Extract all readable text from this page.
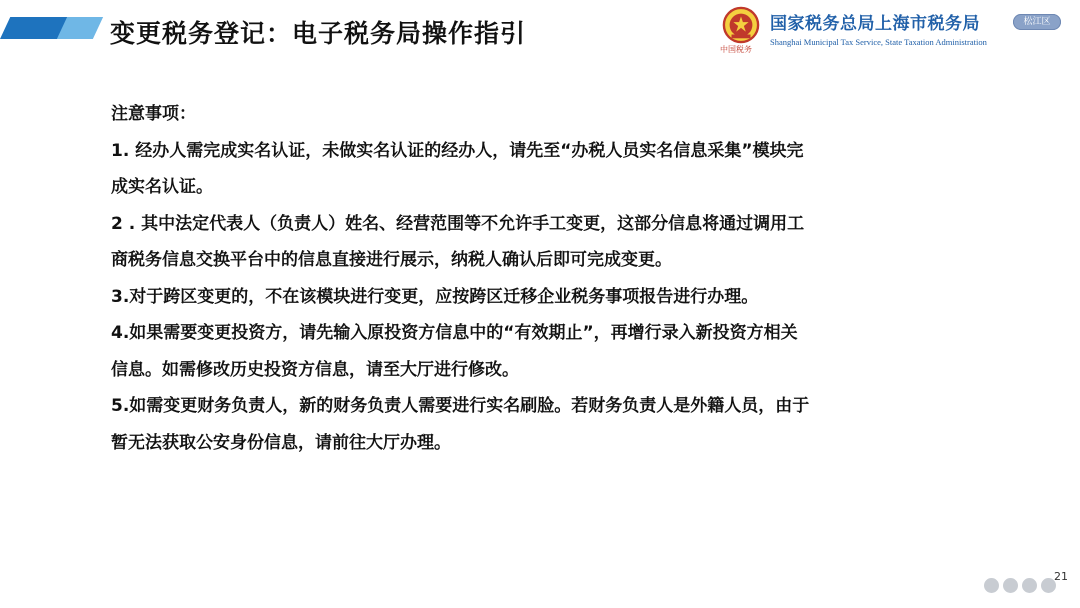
变更税务登记：电子税务局操作指引
中国税务
国家税务总局上海市税务局
Shanghai Municipal Tax Service, State Taxation Administration
松江区

注意事项：

1. 经办人需完成实名认证，未做实名认证的经办人，请先至“办税人员实名信息采集”模块完

成实名认证。

2 . 其中法定代表人（负责人）姓名、经营范围等不允许手工变更，这部分信息将通过调用工

商税务信息交换平台中的信息直接进行展示，纳税人确认后即可完成变更。

3.对于跨区变更的，不在该模块进行变更，应按跨区迁移企业税务事项报告进行办理。

4.如果需要变更投资方，请先输入原投资方信息中的“有效期止”，再增行录入新投资方相关

信息。如需修改历史投资方信息，请至大厅进行修改。

5.如需变更财务负责人，新的财务负责人需要进行实名刷脸。若财务负责人是外籍人员，由于

暂无法获取公安身份信息，请前往大厅办理。

21
